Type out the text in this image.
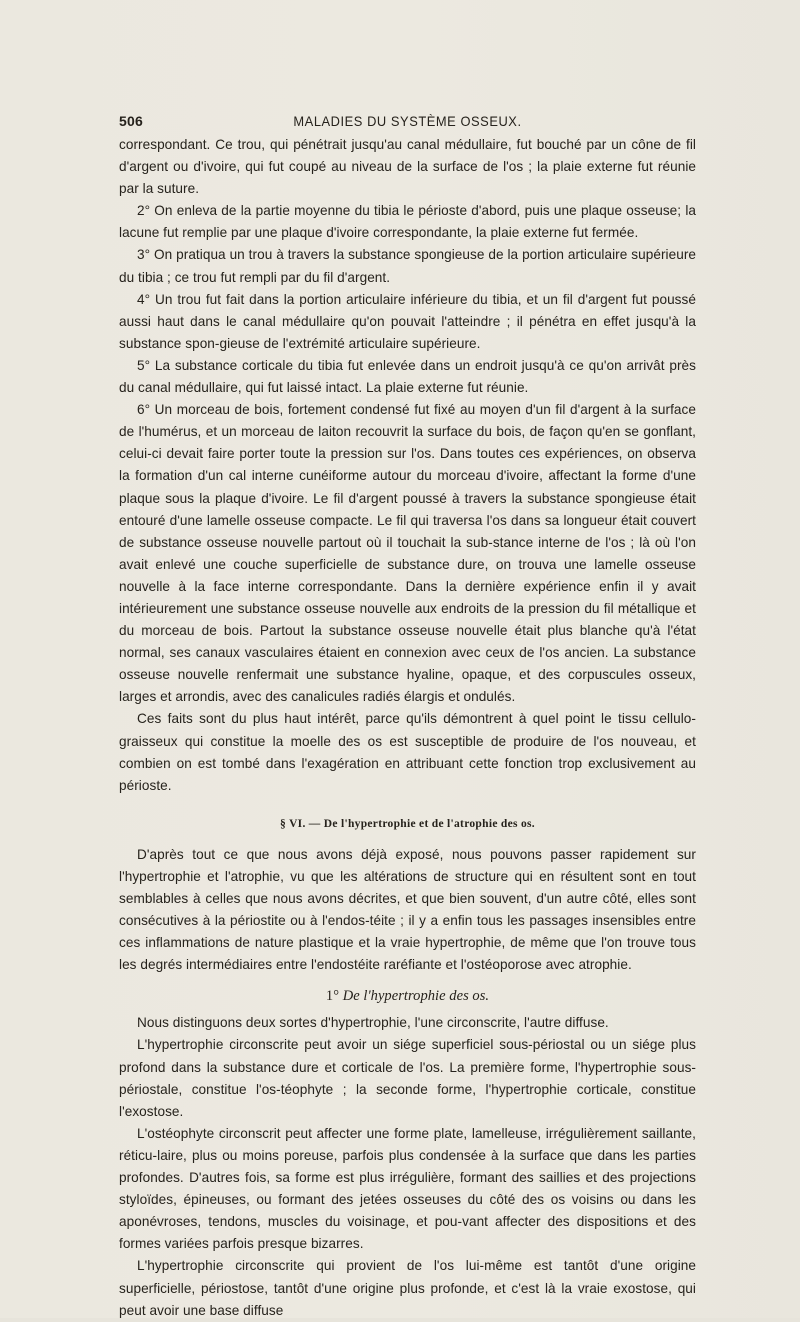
506	MALADIES DU SYSTÈME OSSEUX.

correspondant. Ce trou, qui pénétrait jusqu'au canal médullaire, fut bouché par un cône de fil d'argent ou d'ivoire, qui fut coupé au niveau de la surface de l'os ; la plaie externe fut réunie par la suture.

2° On enleva de la partie moyenne du tibia le périoste d'abord, puis une plaque osseuse; la lacune fut remplie par une plaque d'ivoire correspondante, la plaie externe fut fermée.

3° On pratiqua un trou à travers la substance spongieuse de la portion articulaire supérieure du tibia ; ce trou fut rempli par du fil d'argent.

4° Un trou fut fait dans la portion articulaire inférieure du tibia, et un fil d'argent fut poussé aussi haut dans le canal médullaire qu'on pouvait l'atteindre ; il pénétra en effet jusqu'à la substance spon-gieuse de l'extrémité articulaire supérieure.

5° La substance corticale du tibia fut enlevée dans un endroit jusqu'à ce qu'on arrivât près du canal médullaire, qui fut laissé intact. La plaie externe fut réunie.

6° Un morceau de bois, fortement condensé fut fixé au moyen d'un fil d'argent à la surface de l'humérus, et un morceau de laiton recouvrit la surface du bois, de façon qu'en se gonflant, celui-ci devait faire porter toute la pression sur l'os. Dans toutes ces expériences, on observa la formation d'un cal interne cunéiforme autour du morceau d'ivoire, affectant la forme d'une plaque sous la plaque d'ivoire. Le fil d'argent poussé à travers la substance spongieuse était entouré d'une lamelle osseuse compacte. Le fil qui traversa l'os dans sa longueur était couvert de substance osseuse nouvelle partout où il touchait la sub-stance interne de l'os ; là où l'on avait enlevé une couche superficielle de substance dure, on trouva une lamelle osseuse nouvelle à la face interne correspondante. Dans la dernière expérience enfin il y avait intérieurement une substance osseuse nouvelle aux endroits de la pression du fil métallique et du morceau de bois. Partout la substance osseuse nouvelle était plus blanche qu'à l'état normal, ses canaux vasculaires étaient en connexion avec ceux de l'os ancien. La substance osseuse nouvelle renfermait une substance hyaline, opaque, et des corpuscules osseux, larges et arrondis, avec des canalicules radiés élargis et ondulés.

Ces faits sont du plus haut intérêt, parce qu'ils démontrent à quel point le tissu cellulo-graisseux qui constitue la moelle des os est susceptible de produire de l'os nouveau, et combien on est tombé dans l'exagération en attribuant cette fonction trop exclusivement au périoste.

§ VI. — De l'hypertrophie et de l'atrophie des os.

D'après tout ce que nous avons déjà exposé, nous pouvons passer rapidement sur l'hypertrophie et l'atrophie, vu que les altérations de structure qui en résultent sont en tout semblables à celles que nous avons décrites, et que bien souvent, d'un autre côté, elles sont consécutives à la périostite ou à l'endos-téite ; il y a enfin tous les passages insensibles entre ces inflammations de nature plastique et la vraie hypertrophie, de même que l'on trouve tous les degrés intermédiaires entre l'endostéite raréfiante et l'ostéoporose avec atrophie.

1° De l'hypertrophie des os.

Nous distinguons deux sortes d'hypertrophie, l'une circonscrite, l'autre diffuse.

L'hypertrophie circonscrite peut avoir un siége superficiel sous-périostal ou un siége plus profond dans la substance dure et corticale de l'os. La première forme, l'hypertrophie sous-périostale, constitue l'os-téophyte ; la seconde forme, l'hypertrophie corticale, constitue l'exostose.

L'ostéophyte circonscrit peut affecter une forme plate, lamelleuse, irrégulièrement saillante, réticu-laire, plus ou moins poreuse, parfois plus condensée à la surface que dans les parties profondes. D'autres fois, sa forme est plus irrégulière, formant des saillies et des projections styloïdes, épineuses, ou formant des jetées osseuses du côté des os voisins ou dans les aponévroses, tendons, muscles du voisinage, et pou-vant affecter des dispositions et des formes variées parfois presque bizarres.

L'hypertrophie circonscrite qui provient de l'os lui-même est tantôt d'une origine superficielle, périostose, tantôt d'une origine plus profonde, et c'est là la vraie exostose, qui peut avoir une base diffuse
